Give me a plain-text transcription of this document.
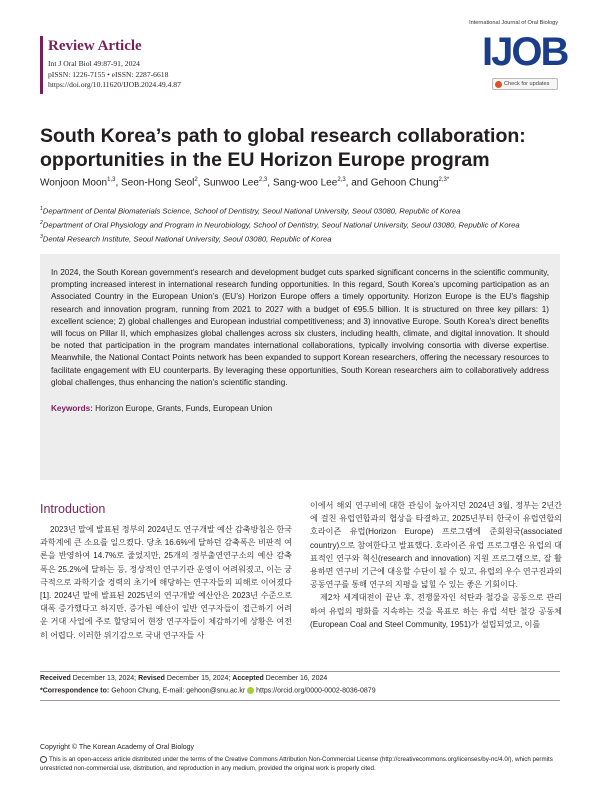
Review Article
Int J Oral Biol 49:87-91, 2024
pISSN: 1226-7155 • eISSN: 2287-6618
https://doi.org/10.11620/IJOB.2024.49.4.87
International Journal of Oral Biology
IJOB
Check for updates
South Korea’s path to global research collaboration: opportunities in the EU Horizon Europe program
Wonjoon Moon$^{1,3}$, Seon-Hong Seol$^2$, Sunwoo Lee$^{2,3}$, Sang-woo Lee$^{2,3}$, and Gehoon Chung$^{2,3*}$
$^1$Department of Dental Biomaterials Science, School of Dentistry, Seoul National University, Seoul 03080, Republic of Korea
$^2$Department of Oral Physiology and Program in Neurobiology, School of Dentistry, Seoul National University, Seoul 03080, Republic of Korea
$^3$Dental Research Institute, Seoul National University, Seoul 03080, Republic of Korea

In 2024, the South Korean government’s research and development budget cuts sparked significant concerns in the scientific community, prompting increased interest in international research funding opportunities. In this regard, South Korea’s upcoming participation as an Associated Country in the European Union’s (EU’s) Horizon Europe offers a timely opportunity. Horizon Europe is the EU’s flagship research and innovation program, running from 2021 to 2027 with a budget of €95.5 billion. It is structured on three key pillars: 1) excellent science; 2) global challenges and European industrial competitiveness; and 3) innovative Europe. South Korea’s direct benefits will focus on Pillar II, which emphasizes global challenges across six clusters, including health, climate, and digital innovation. It should be noted that participation in the program mandates international collaborations, typically involving consortia with diverse expertise. Meanwhile, the National Contact Points network has been expanded to support Korean researchers, offering the necessary resources to facilitate engagement with EU counterparts. By leveraging these opportunities, South Korean researchers aim to collaboratively address global challenges, thus enhancing the nation’s scientific standing.

Keywords: Horizon Europe, Grants, Funds, European Union
Introduction

2023년 말에 발표된 정부의 2024년도 연구개발 예산 감축방침은 한국 과학계에 큰 소요를 일으켰다. 당초 16.6%에 달하던 감축폭은 비판적 여론을 반영하여 14.7%로 줄었지만, 25개의 정부출연연구소의 예산 감축폭은 25.2%에 달하는 등, 정상적인 연구기관 운영이 어려워졌고, 이는 궁극적으로 과학기술 경력의 초기에 해당하는 연구자들의 피해로 이어졌다[1]. 2024년 말에 발표된 2025년의 연구개발 예산안은 2023년 수준으로 대폭 증가했다고 하지만, 증가된 예산이 일반 연구자들이 접근하기 어려운 거대 사업에 주로 할당되어 현장 연구자들이 체감하기에 상황은 여전히 어렵다. 이러한 위기감으로 국내 연구자들 사

이에서 해외 연구비에 대한 관심이 높아지던 2024년 3월, 정부는 2년간에 걸친 유럽연합과의 협상을 타결하고, 2025년부터 한국이 유럽연합의 호라이즌 유럽(Horizon Europe) 프로그램에 준회원국(associated country)으로 참여한다고 발표했다. 호라이즌 유럽 프로그램은 유럽의 대표적인 연구와 혁신(research and innovation) 지원 프로그램으로, 잘 활용하면 연구비 기근에 대응할 수단이 될 수 있고, 유럽의 우수 연구진과의 공동연구를 통해 연구의 지평을 넓힐 수 있는 좋은 기회이다.

제2차 세계대전이 끝난 후, 전쟁물자인 석탄과 철강을 공동으로 관리하여 유럽의 평화를 지속하는 것을 목표로 하는 유럽 석탄 철강 공동체(European Coal and Steel Community, 1951)가 설립되었고, 이를

Received December 13, 2024; Revised December 15, 2024; Accepted December 16, 2024
*Correspondence to: Gehoon Chung, E-mail: gehoon@snu.ac.kr https://orcid.org/0000-0002-8036-0879
Copyright © The Korean Academy of Oral Biology
This is an open-access article distributed under the terms of the Creative Commons Attribution Non-Commercial License (http://creativecommons.org/licenses/by-nc/4.0/), which permits unrestricted non-commercial use, distribution, and reproduction in any medium, provided the original work is properly cited.
